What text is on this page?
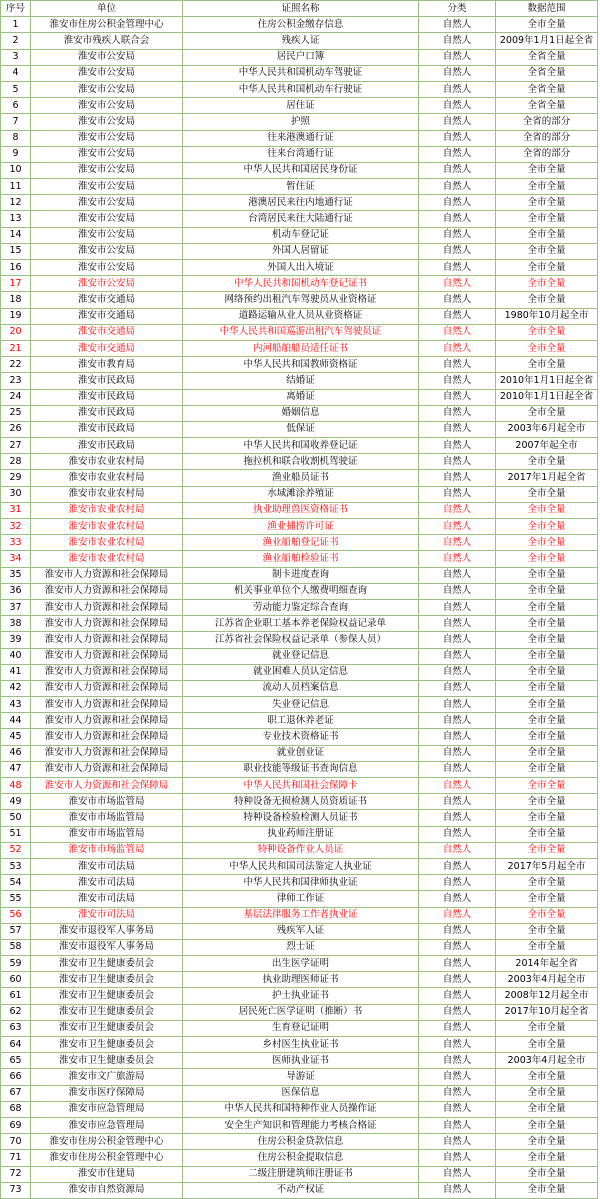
序号	单位	证照名称	分类	数据范围
1	淮安市住房公积金管理中心	住房公积金缴存信息	自然人	全市全量
2	淮安市残疾人联合会	残疾人证	自然人	2009年1月1日起全省
3	淮安市公安局	居民户口簿	自然人	全省全量
4	淮安市公安局	中华人民共和国机动车驾驶证	自然人	全省全量
5	淮安市公安局	中华人民共和国机动车行驶证	自然人	全省全量
6	淮安市公安局	居住证	自然人	全省全量
7	淮安市公安局	护照	自然人	全省的部分
8	淮安市公安局	往来港澳通行证	自然人	全省的部分
9	淮安市公安局	往来台湾通行证	自然人	全省的部分
10	淮安市公安局	中华人民共和国居民身份证	自然人	全市全量
11	淮安市公安局	暂住证	自然人	全市全量
12	淮安市公安局	港澳居民来往内地通行证	自然人	全市全量
13	淮安市公安局	台湾居民来往大陆通行证	自然人	全市全量
14	淮安市公安局	机动车登记证	自然人	全市全量
15	淮安市公安局	外国人居留证	自然人	全市全量
16	淮安市公安局	外国人出入境证	自然人	全市全量
17	淮安市公安局	中华人民共和国机动车登记证书	自然人	全市全量
18	淮安市交通局	网络预约出租汽车驾驶员从业资格证	自然人	全市全量
19	淮安市交通局	道路运输从业人员从业资格证	自然人	1980年10月起全市
20	淮安市交通局	中华人民共和国巡游出租汽车驾驶员证	自然人	全市全量
21	淮安市交通局	内河船舶船员适任证书	自然人	全市全量
22	淮安市教育局	中华人民共和国教师资格证	自然人	全市全量
23	淮安市民政局	结婚证	自然人	2010年1月1日起全省
24	淮安市民政局	离婚证	自然人	2010年1月1日起全省
25	淮安市民政局	婚姻信息	自然人	全市全量
26	淮安市民政局	低保证	自然人	2003年6月起全市
27	淮安市民政局	中华人民共和国收养登记证	自然人	2007年起全市
28	淮安市农业农村局	拖拉机和联合收割机驾驶证	自然人	全市全量
29	淮安市农业农村局	渔业船员证书	自然人	2017年1月起全省
30	淮安市农业农村局	水域滩涂养殖证	自然人	全市全量
31	淮安市农业农村局	执业助理兽医资格证书	自然人	全市全量
32	淮安市农业农村局	渔业捕捞许可证	自然人	全市全量
33	淮安市农业农村局	渔业船舶登记证书	自然人	全市全量
34	淮安市农业农村局	渔业船舶检验证书	自然人	全市全量
35	淮安市人力资源和社会保障局	制卡进度查询	自然人	全市全量
36	淮安市人力资源和社会保障局	机关事业单位个人缴费明细查询	自然人	全市全量
37	淮安市人力资源和社会保障局	劳动能力鉴定综合查询	自然人	全市全量
38	淮安市人力资源和社会保障局	江苏省企业职工基本养老保险权益记录单	自然人	全市全量
39	淮安市人力资源和社会保障局	江苏省社会保险权益记录单（参保人员）	自然人	全市全量
40	淮安市人力资源和社会保障局	就业登记信息	自然人	全市全量
41	淮安市人力资源和社会保障局	就业困难人员认定信息	自然人	全市全量
42	淮安市人力资源和社会保障局	流动人员档案信息	自然人	全市全量
43	淮安市人力资源和社会保障局	失业登记信息	自然人	全市全量
44	淮安市人力资源和社会保障局	职工退休养老证	自然人	全市全量
45	淮安市人力资源和社会保障局	专业技术资格证书	自然人	全市全量
46	淮安市人力资源和社会保障局	就业创业证	自然人	全市全量
47	淮安市人力资源和社会保障局	职业技能等级证书查询信息	自然人	全市全量
48	淮安市人力资源和社会保障局	中华人民共和国社会保障卡	自然人	全市全量
49	淮安市市场监管局	特种设备无损检测人员资质证书	自然人	全市全量
50	淮安市市场监管局	特种设备检验检测人员证书	自然人	全市全量
51	淮安市市场监管局	执业药师注册证	自然人	全市全量
52	淮安市市场监管局	特种设备作业人员证	自然人	全市全量
53	淮安市司法局	中华人民共和国司法鉴定人执业证	自然人	2017年5月起全市
54	淮安市司法局	中华人民共和国律师执业证	自然人	全市全量
55	淮安市司法局	律师工作证	自然人	全市全量
56	淮安市司法局	基层法律服务工作者执业证	自然人	全市全量
57	淮安市退役军人事务局	残疾军人证	自然人	全市全量
58	淮安市退役军人事务局	烈士证	自然人	全市全量
59	淮安市卫生健康委员会	出生医学证明	自然人	2014年起全省
60	淮安市卫生健康委员会	执业助理医师证书	自然人	2003年4月起全市
61	淮安市卫生健康委员会	护士执业证书	自然人	2008年12月起全市
62	淮安市卫生健康委员会	居民死亡医学证明（推断）书	自然人	2017年10月起全省
63	淮安市卫生健康委员会	生育登记证明	自然人	全市全量
64	淮安市卫生健康委员会	乡村医生执业证书	自然人	全市全量
65	淮安市卫生健康委员会	医师执业证书	自然人	2003年4月起全市
66	淮安市文广旅游局	导游证	自然人	全市全量
67	淮安市医疗保障局	医保信息	自然人	全市全量
68	淮安市应急管理局	中华人民共和国特种作业人员操作证	自然人	全市全量
69	淮安市应急管理局	安全生产知识和管理能力考核合格证	自然人	全市全量
70	淮安市住房公积金管理中心	住房公积金贷款信息	自然人	全市全量
71	淮安市住房公积金管理中心	住房公积金提取信息	自然人	全市全量
72	淮安市住建局	二级注册建筑师注册证书	自然人	全市全量
73	淮安市自然资源局	不动产权证	自然人	全市全量
